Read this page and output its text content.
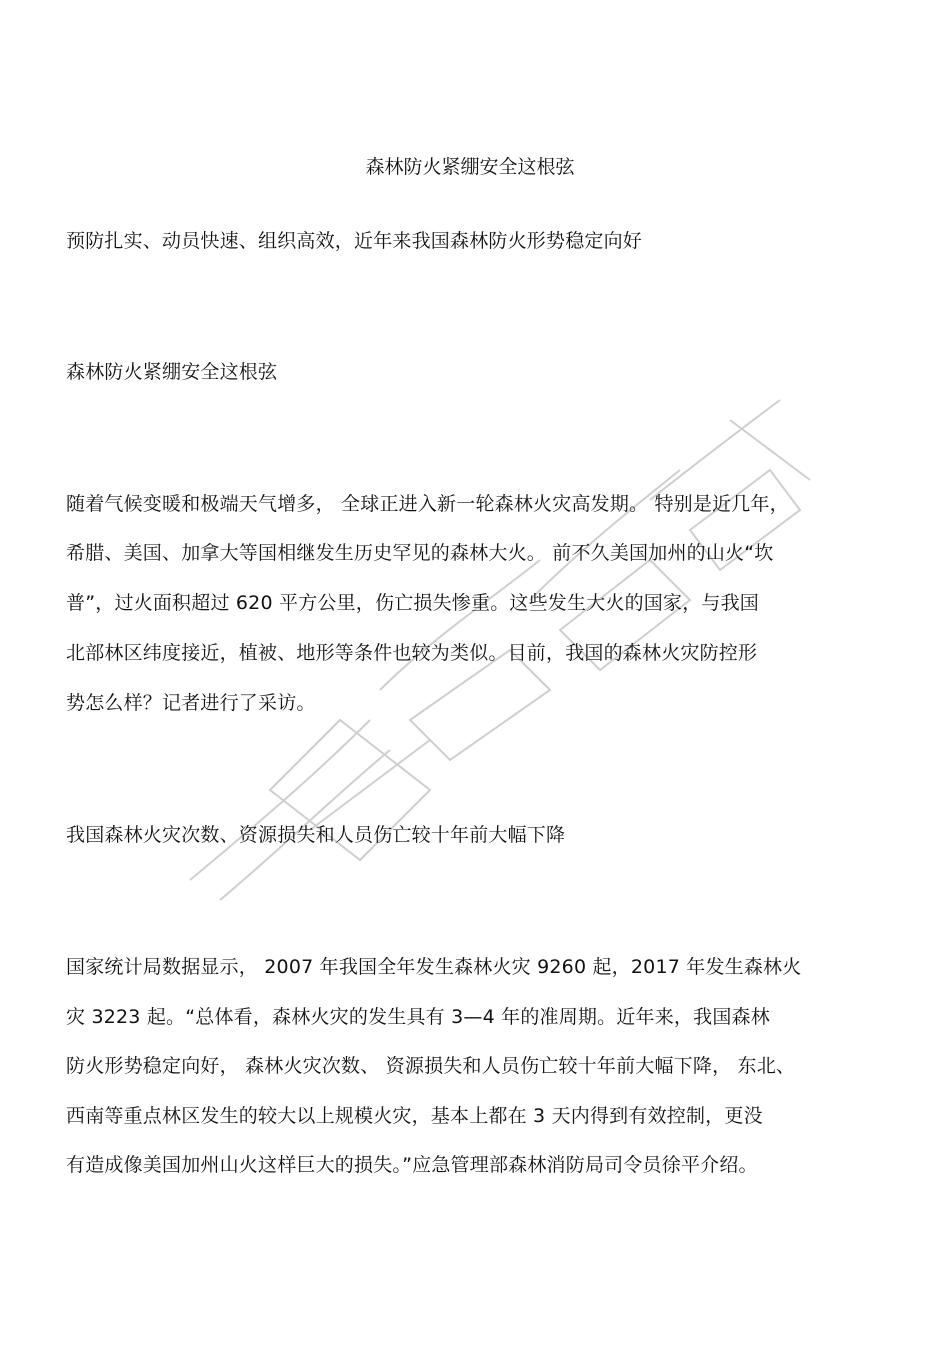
森林防火紧绷安全这根弦
预防扎实、动员快速、组织高效，近年来我国森林防火形势稳定向好
森林防火紧绷安全这根弦
随着气候变暖和极端天气增多， 全球正进入新一轮森林火灾高发期。 特别是近几年，
希腊、美国、加拿大等国相继发生历史罕见的森林大火。 前不久美国加州的山火“坎
普”，过火面积超过 620 平方公里，伤亡损失惨重。这些发生大火的国家，与我国
北部林区纬度接近，植被、地形等条件也较为类似。目前，我国的森林火灾防控形
势怎么样？记者进行了采访。
我国森林火灾次数、资源损失和人员伤亡较十年前大幅下降
国家统计局数据显示， 2007 年我国全年发生森林火灾 9260 起，2017 年发生森林火
灾 3223 起。“总体看，森林火灾的发生具有 3—4 年的准周期。近年来，我国森林
防火形势稳定向好， 森林火灾次数、 资源损失和人员伤亡较十年前大幅下降， 东北、
西南等重点林区发生的较大以上规模火灾，基本上都在 3 天内得到有效控制，更没
有造成像美国加州山火这样巨大的损失。”应急管理部森林消防局司令员徐平介绍。
